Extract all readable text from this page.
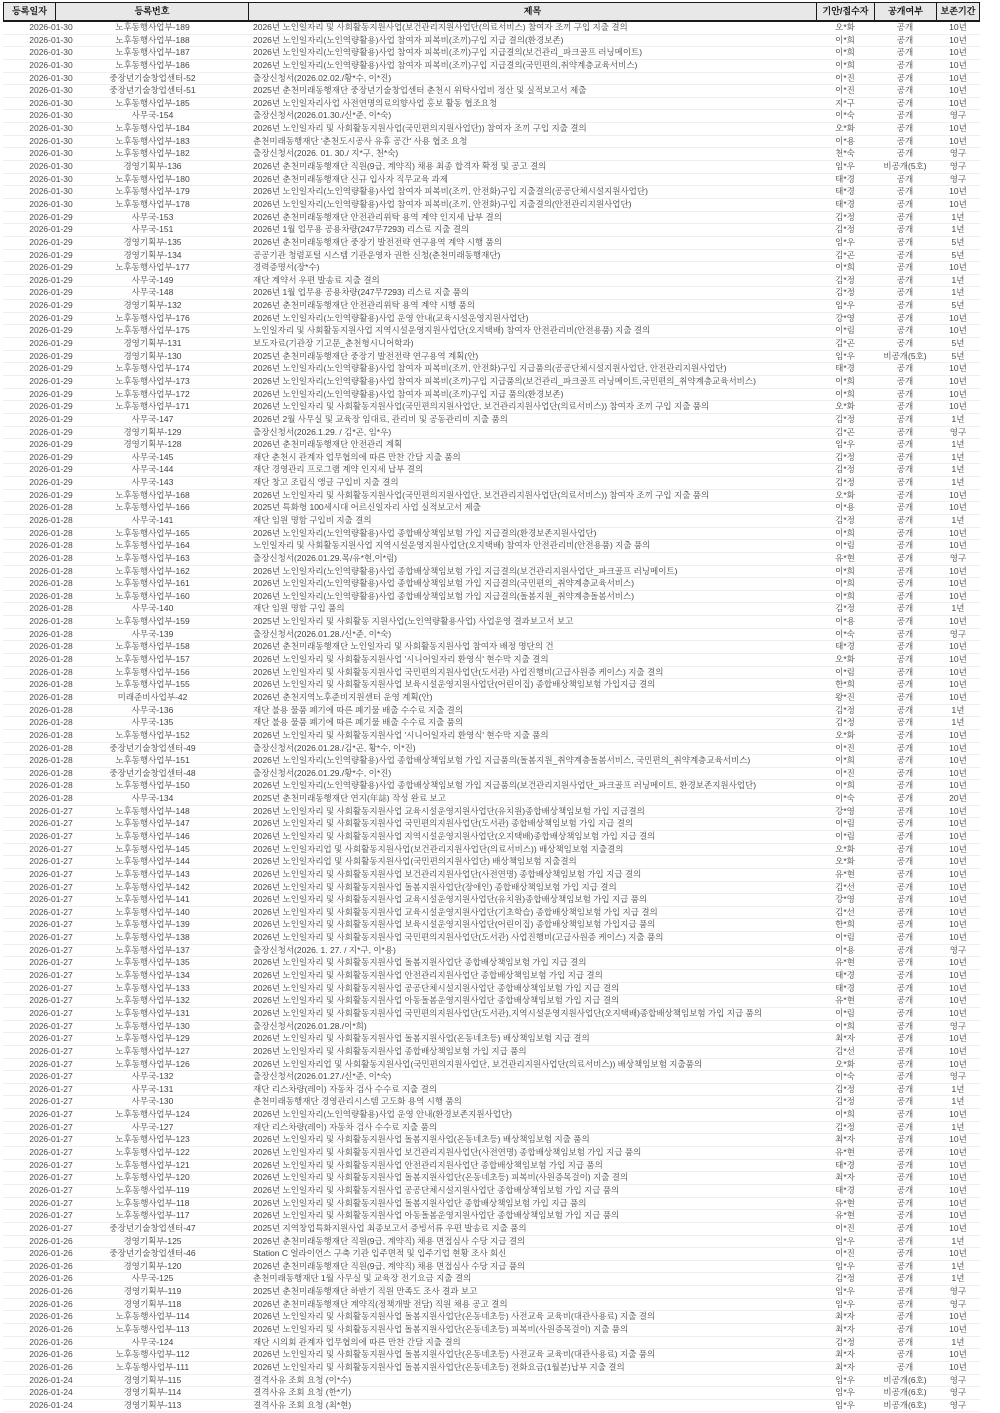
등록일자	등록번호	제목	기안/접수자	공개여부	보존기간
2026-01-30	노후동행사업부-189	2026년 노인일자리 및 사회활동지원사업(보건관리지원사업단(의료서비스) 참여자 조끼 구입 지출 결의	오*화	공개	10년
2026-01-30	노후동행사업부-188	2026년 노인일자리(노인역량활용)사업 참여자 피복비(조끼)구입 지급 결의(환경보존)	이*희	공개	10년
2026-01-30	노후동행사업부-187	2026년 노인일자리(노인역량활용)사업 참여자 피복비(조끼)구입 지급결의(보건관리_파크골프 러닝메이트)	이*희	공개	10년
2026-01-30	노후동행사업부-186	2026년 노인일자리(노인역량활용)사업 참여자 피복비(조끼)구입 지급결의(국민편의,취약계층교육서비스)	이*희	공개	10년
2026-01-30	중장년기술창업센터-52	출장신청서(2026.02.02./황*수, 이*진)	이*진	공개	10년
2026-01-30	중장년기술창업센터-51	2025년 춘천미래동행재단 중장년기술창업센터 춘천시 위탁사업비 정산 및 실적보고서 제출	이*진	공개	10년
2026-01-30	노후동행사업부-185	2026년 노인일자리사업 사전연명의료의향사업 홍보 활동 협조요청	지*구	공개	10년
2026-01-30	사무국-154	출장신청서(2026.01.30./신*준, 이*숙)	이*숙	공개	영구
2026-01-30	노후동행사업부-184	2026년 노인일자리 및 사회활동지원사업(국민편의지원사업단)) 참여자 조끼 구입 지출 결의	오*화	공개	10년
2026-01-30	노후동행사업부-183	춘천미래동행재단 '춘천도시공사 유휴 공간' 사용 협조 요청	이*용	공개	10년
2026-01-30	노후동행사업부-182	출장신청서(2026. 01. 30./ 지*구, 천*숙)	천*숙	공개	영구
2026-01-30	경영기획부-136	2026년 춘천미래동행재단 직원(9급, 계약직) 채용 최종 합격자 확정 및 공고 결의	임*우	비공개(5호)	영구
2026-01-30	노후동행사업부-180	2026년 춘천미래동행재단 신규 입사자 직무교육 과제	태*경	공개	영구
2026-01-30	노후동행사업부-179	2026년 노인일자리(노인역량활용)사업 참여자 피복비(조끼, 안전화)구입 지출결의(공공단체시설지원사업단)	태*경	공개	10년
2026-01-30	노후동행사업부-178	2026년 노인일자리(노인역량활용)사업 참여자 피복비(조끼, 안전화)구입 지출결의(안전관리지원사업단)	태*경	공개	10년
2026-01-29	사무국-153	2026년 춘천미래동행재단 안전관리위탁 용역 계약 인지세 납부 결의	김*정	공개	1년
2026-01-29	사무국-151	2026년 1월 업무용 공용차량(247무7293) 리스료 지출 결의	김*정	공개	1년
2026-01-29	경영기획부-135	2026년 춘천미래동행재단 중장기 발전전략 연구용역 계약 시행 품의	임*우	공개	5년
2026-01-29	경영기획부-134	공공기관 청렴포털 시스템 기관운영자 권한 신청(춘천미래동행재단)	김*곤	공개	5년
2026-01-29	노후동행사업부-177	경력증명서(장*수)	이*희	공개	10년
2026-01-29	사무국-149	재단 계약서 우편 발송료 지출 결의	김*정	공개	1년
2026-01-29	사무국-148	2026년 1월 업무용 공용차량(247무7293) 리스료 지출 품의	김*정	공개	1년
2026-01-29	경영기획부-132	2026년 춘천미래동행재단 안전관리위탁 용역 계약 시행 품의	임*우	공개	5년
2026-01-29	노후동행사업부-176	2026년 노인일자리(노인역량활용)사업 운영 안내(교육시설운영지원사업단)	강*영	공개	10년
2026-01-29	노후동행사업부-175	노인일자리 및 사회활동지원사업 지역시설운영지원사업단(오지택배) 참여자 안전관리비(안전용품) 지출 결의	이*림	공개	10년
2026-01-29	경영기획부-131	보도자료(기관장 기고문_춘천형시니어학과)	김*곤	공개	5년
2026-01-29	경영기획부-130	2025년 춘천미래동행재단 중장기 발전전략 연구용역 계획(안)	임*우	비공개(5호)	5년
2026-01-29	노후동행사업부-174	2026년 노인일자리(노인역량활용)사업 참여자 피복비(조끼, 안전화)구입 지급품의(공공단체시설지원사업단, 안전관리지원사업단)	태*경	공개	10년
2026-01-29	노후동행사업부-173	2026년 노인일자리(노인역량활용)사업 참여자 피복비(조끼)구입 지급품의(보건관리_파크골프 러닝메이트,국민편의_취약계층교육서비스)	이*희	공개	10년
2026-01-29	노후동행사업부-172	2026년 노인일자리(노인역량활용)사업 참여자 피복비(조끼)구입 지급 품의(환경보존)	이*희	공개	10년
2026-01-29	노후동행사업부-171	2026년 노인일자리 및 사회활동지원사업(국민편의지원사업단, 보건관리지원사업단(의료서비스)) 참여자 조끼 구입 지출 품의	오*화	공개	10년
2026-01-29	사무국-147	2026년 2월 사무실 및 교육장 임대료, 관리비 및 공동관리비 지출 품의	김*정	공개	1년
2026-01-29	경영기획부-129	출장신청서(2026.1.29. / 김*곤, 임*우)	김*곤	공개	영구
2026-01-29	경영기획부-128	2026년 춘천미래동행재단 안전관리 계획	임*우	공개	1년
2026-01-29	사무국-145	재단 춘천시 관계자 업무협의에 따른 만찬 간담 지출 품의	김*정	공개	1년
2026-01-29	사무국-144	재단 경영관리 프로그램 계약 인지세 납부 결의	김*정	공개	1년
2026-01-29	사무국-143	재단 창고 조립식 앵글 구입비 지출 결의	김*정	공개	1년
2026-01-29	노후동행사업부-168	2026년 노인일자리 및 사회활동지원사업(국민편의지원사업단, 보건관리지원사업단(의료서비스)) 참여자 조끼 구입 지출 품의	오*화	공개	10년
2026-01-28	노후동행사업부-166	2025년 특화형 100세시대 어르신일자리 사업 실적보고서 제출	이*용	공개	10년
2026-01-28	사무국-141	재단 임원 명함 구입비 지출 결의	김*정	공개	1년
2026-01-28	노후동행사업부-165	2026년 노인일자리(노인역량활용)사업 종합배상책임보험 가입 지급결의(환경보존지원사업단)	이*희	공개	10년
2026-01-28	노후동행사업부-164	노인일자리 및 사회활동지원사업 지역시설운영지원사업단(오지택배) 참여자 안전관리비(안전용품) 지출 품의	이*림	공개	10년
2026-01-28	노후동행사업부-163	출장신청서(2026.01.29.목/유*현,이*림)	유*현	공개	영구
2026-01-28	노후동행사업부-162	2026년 노인일자리(노인역량활용)사업 종합배상책임보험 가입 지급결의(보건관리지원사업단_파크골프 러닝메이트)	이*희	공개	10년
2026-01-28	노후동행사업부-161	2026년 노인일자리(노인역량활용)사업 종합배상책임보험 가입 지급결의(국민편의_취약계층교육서비스)	이*희	공개	10년
2026-01-28	노후동행사업부-160	2026년 노인일자리(노인역량활용)사업 종합배상책임보험 가입 지급결의(돌봄지원_취약계층돌봄서비스)	이*희	공개	10년
2026-01-28	사무국-140	재단 임원 명함 구입 품의	김*정	공개	1년
2026-01-28	노후동행사업부-159	2025년 노인일자리 및 사회활동 지원사업(노인역량활용사업) 사업운영 결과보고서 보고	이*용	공개	10년
2026-01-28	사무국-139	출장신청서(2026.01.28./신*준, 이*숙)	이*숙	공개	영구
2026-01-28	노후동행사업부-158	2026년 춘천미래동행재단 노인일자리 및 사회활동지원사업 참여자 배정 명단의 건	태*경	공개	10년
2026-01-28	노후동행사업부-157	2026년 노인일자리 및 사회활동지원사업 '시니어일자리 환영식' 현수막 지출 결의	오*화	공개	10년
2026-01-28	노후동행사업부-156	2026년 노인일자리 및 사회활동지원사업 국민편의지원사업단(도서관) 사업진행비(고급사원증 케이스) 지출 결의	이*림	공개	10년
2026-01-28	노후동행사업부-155	2026년 노인일자리 및 사회활동지원사업 보육시설운영지원사업단(어린이집) 종합배상책임보험 가입지급 결의	한*희	공개	10년
2026-01-28	미래준비사업부-42	2026년 춘천지역노후준비지원센터 운영 계획(안)	왕*진	공개	10년
2026-01-28	사무국-136	재단 불용 물품 폐기에 따른 폐기물 배출 수수료 지출 결의	김*정	공개	1년
2026-01-28	사무국-135	재단 불용 물품 폐기에 따른 폐기물 배출 수수료 지출 품의	김*정	공개	1년
2026-01-28	노후동행사업부-152	2026년 노인일자리 및 사회활동지원사업 '시니어일자리 환영식' 현수막 지출 품의	오*화	공개	10년
2026-01-28	중장년기술창업센터-49	출장신청서(2026.01.28./김*곤, 황*수, 이*진)	이*진	공개	10년
2026-01-28	노후동행사업부-151	2026년 노인일자리(노인역량활용)사업 종합배상책임보험 가입 지급품의(돌봄지원_취약계층돌봄서비스, 국민편의_취약계층교육서비스)	이*희	공개	10년
2026-01-28	중장년기술창업센터-48	출장신청서(2026.01.29./황*수, 이*진)	이*진	공개	10년
2026-01-28	노후동행사업부-150	2026년 노인일자리(노인역량활용)사업 종합배상책임보험 가입 지급품의(보건관리지원사업단_파크골프 러닝메이트, 환경보존지원사업단)	이*희	공개	10년
2026-01-28	사무국-134	2025년 춘천미래동행재단 연지(年誌) 작성 완료 보고	이*숙	공개	20년
2026-01-27	노후동행사업부-148	2026년 노인일자리 및 사회활동지원사업 교육시설운영지원사업단(유치원)종합배상책임보험 가입 지급결의	강*영	공개	10년
2026-01-27	노후동행사업부-147	2026년 노인일자리 및 사회활동지원사업 국민편의지원사업단(도서관) 종합배상책임보험 가입 지급 결의	이*림	공개	10년
2026-01-27	노후동행사업부-146	2026년 노인일자리 및 사회활동지원사업 지역시설운영지원사업단(오지택배)종합배상책임보험 가입 지급 결의	이*림	공개	10년
2026-01-27	노후동행사업부-145	2026년 노인일자리업 및 사회활동지원사업(보건관리지원사업단(의료서비스)) 배상책임보험 지출결의	오*화	공개	10년
2026-01-27	노후동행사업부-144	2026년 노인일자리업 및 사회활동지원사업(국민편의지원사업단) 배상책임보험 지출결의	오*화	공개	10년
2026-01-27	노후동행사업부-143	2026년 노인일자리 및 사회활동지원사업 보건관리지원사업단(사전연명) 종합배상책임보험 가입 지급 결의	유*현	공개	10년
2026-01-27	노후동행사업부-142	2026년 노인일자리 및 사회활동지원사업 돌봄지원사업단(장애인) 종합배상책임보험 가입 지급 결의	김*선	공개	10년
2026-01-27	노후동행사업부-141	2026년 노인일자리 및 사회활동지원사업 교육시설운영지원사업단(유치원)종합배상책임보험 가입 지급 품의	강*영	공개	10년
2026-01-27	노후동행사업부-140	2026년 노인일자리 및 사회활동지원사업 교육시설운영지원사업단(기초학습) 종합배상책임보험 가입 지급 결의	김*선	공개	10년
2026-01-27	노후동행사업부-139	2026년 노인일자리 및 사회활동지원사업 보육시설운영지원사업단(어린이집) 종합배상책임보험 가입지급 품의	한*희	공개	10년
2026-01-27	노후동행사업부-138	2026년 노인일자리 및 사회활동지원사업 국민편의지원사업단(도서관) 사업진행비(고급사원증 케이스) 지출 품의	이*림	공개	10년
2026-01-27	노후동행사업부-137	출장신청서(2026. 1. 27. / 지*구, 이*용)	이*용	공개	영구
2026-01-27	노후동행사업부-135	2026년 노인일자리 및 사회활동지원사업 돌봄지원사업단 종합배상책임보험 가입 지급 결의	유*현	공개	10년
2026-01-27	노후동행사업부-134	2026년 노인일자리 및 사회활동지원사업 안전관리지원사업단 종합배상책임보험 가입 지급 결의	태*경	공개	10년
2026-01-27	노후동행사업부-133	2026년 노인일자리 및 사회활동지원사업 공공단체시설지원사업단 종합배상책임보험 가입 지급 결의	태*경	공개	10년
2026-01-27	노후동행사업부-132	2026년 노인일자리 및 사회활동지원사업 아동돌봄운영지원사업단 종합배상책임보험 가입 지급 결의	유*현	공개	10년
2026-01-27	노후동행사업부-131	2026년 노인일자리 및 사회활동지원사업 국민편의지원사업단(도서관),지역시설운영지원사업단(오지택배)종합배상책임보험 가입 지급 품의	이*림	공개	10년
2026-01-27	노후동행사업부-130	출장신청서(2026.01.28./이*희)	이*희	공개	영구
2026-01-27	노후동행사업부-129	2026년 노인일자리 및 사회활동지원사업 돌봄지원사업(온동네초등) 배상책임보험 지급 결의	최*자	공개	10년
2026-01-27	노후동행사업부-127	2026년 노인일자리 및 사회활동지원사업 종합배상책임보험 가입 지급 품의	김*선	공개	10년
2026-01-27	노후동행사업부-126	2026년 노인일자리업 및 사회활동지원사업(국민편의지원사업단, 보건관리지원사업단(의료서비스)) 배상책임보험 지출품의	오*화	공개	10년
2026-01-27	사무국-132	출장신청서(2026.01.27./신*준, 이*숙)	이*숙	공개	영구
2026-01-27	사무국-131	재단 리스차량(레이) 자동차 검사 수수료 지출 결의	김*정	공개	1년
2026-01-27	사무국-130	춘천미래동행재단 경영관리시스템 고도화 용역 시행 품의	김*정	공개	1년
2026-01-27	노후동행사업부-124	2026년 노인일자리(노인역량활용)사업 운영 안내(환경보존지원사업단)	이*희	공개	10년
2026-01-27	사무국-127	재단 리스차량(레이) 자동차 검사 수수료 지출 품의	김*정	공개	1년
2026-01-27	노후동행사업부-123	2026년 노인일자리 및 사회활동지원사업 돌봄지원사업(온동네초등) 배상책임보험 지출 품의	최*자	공개	10년
2026-01-27	노후동행사업부-122	2026년 노인일자리 및 사회활동지원사업 보건관리지원사업단(사전연명) 종합배상책임보험 가입 지급 품의	유*현	공개	10년
2026-01-27	노후동행사업부-121	2026년 노인일자리 및 사회활동지원사업 안전관리지원사업단 종합배상책임보험 가입 지급 품의	태*경	공개	10년
2026-01-27	노후동행사업부-120	2026년 노인일자리 및 사회활동지원사업 돌봄지원사업단(온동네초등) 피복비(사원증목걸이) 지출 결의	최*자	공개	10년
2026-01-27	노후동행사업부-119	2026년 노인일자리 및 사회활동지원사업 공공단체시설지원사업단 종합배상책임보험 가입 지급 품의	태*경	공개	10년
2026-01-27	노후동행사업부-118	2026년 노인일자리 및 사회활동지원사업 돌봄지원사업단 종합배상책임보험 가입 지급 품의	유*현	공개	10년
2026-01-27	노후동행사업부-117	2026년 노인일자리 및 사회활동지원사업 아동돌봄운영지원사업단 종합배상책임보험 가입 지급 품의	유*현	공개	10년
2026-01-27	중장년기술창업센터-47	2025년 지역창업특화지원사업 최종보고서 증빙서류 우편 발송료 지출 품의	이*진	공개	10년
2026-01-26	경영기획부-125	2026년 춘천미래동행재단 직원(9급, 계약직) 채용 면접심사 수당 지급 결의	임*우	공개	1년
2026-01-26	중장년기술창업센터-46	Station C 얼라이언스 구축 기관 입주면적 및 입주기업 현황 조사 회신	이*진	공개	10년
2026-01-26	경영기획부-120	2026년 춘천미래동행재단 직원(9급, 계약직) 채용 면접심사 수당 지급 품의	임*우	공개	1년
2026-01-26	사무국-125	춘천미래동행재단 1월 사무실 및 교육장 전기요금 지출 결의	김*정	공개	1년
2026-01-26	경영기획부-119	2025년 춘천미래동행재단 하반기 직원 만족도 조사 결과 보고	임*우	공개	영구
2026-01-26	경영기획부-118	2026년 춘천미래동행재단 계약직(정책개발 전담) 직원 채용 공고 결의	임*우	공개	영구
2026-01-26	노후동행사업부-114	2026년 노인일자리 및 사회활동지원사업 돌봄지원사업단(온동네초등) 사전교육 교육비(대관사용료) 지출 결의	최*자	공개	10년
2026-01-26	노후동행사업부-113	2026년 노인일자리 및 사회활동지원사업 돌봄지원사업단(온동네초등) 피복비(사원증목걸이) 지출 품의	최*자	공개	10년
2026-01-26	사무국-124	재단 시의회 관계자 업무협의에 따른 만찬 간담 지출 결의	김*정	공개	1년
2026-01-26	노후동행사업부-112	2026년 노인일자리 및 사회활동지원사업 돌봄지원사업단(온동네초등) 사전교육 교육비(대관사용료) 지출 품의	최*자	공개	10년
2026-01-26	노후동행사업부-111	2026년 노인일자리 및 사회활동지원사업 돌봄지원사업단(온동네초등) 전화요금(1월분)납부 지출 결의	최*자	공개	10년
2026-01-24	경영기획부-115	결격사유 조회 요청 (이*수)	임*우	비공개(6호)	영구
2026-01-24	경영기획부-114	결격사유 조회 요청 (한*기)	임*우	비공개(6호)	영구
2026-01-24	경영기획부-113	결격사유 조회 요청 (최*현)	임*우	비공개(6호)	영구
